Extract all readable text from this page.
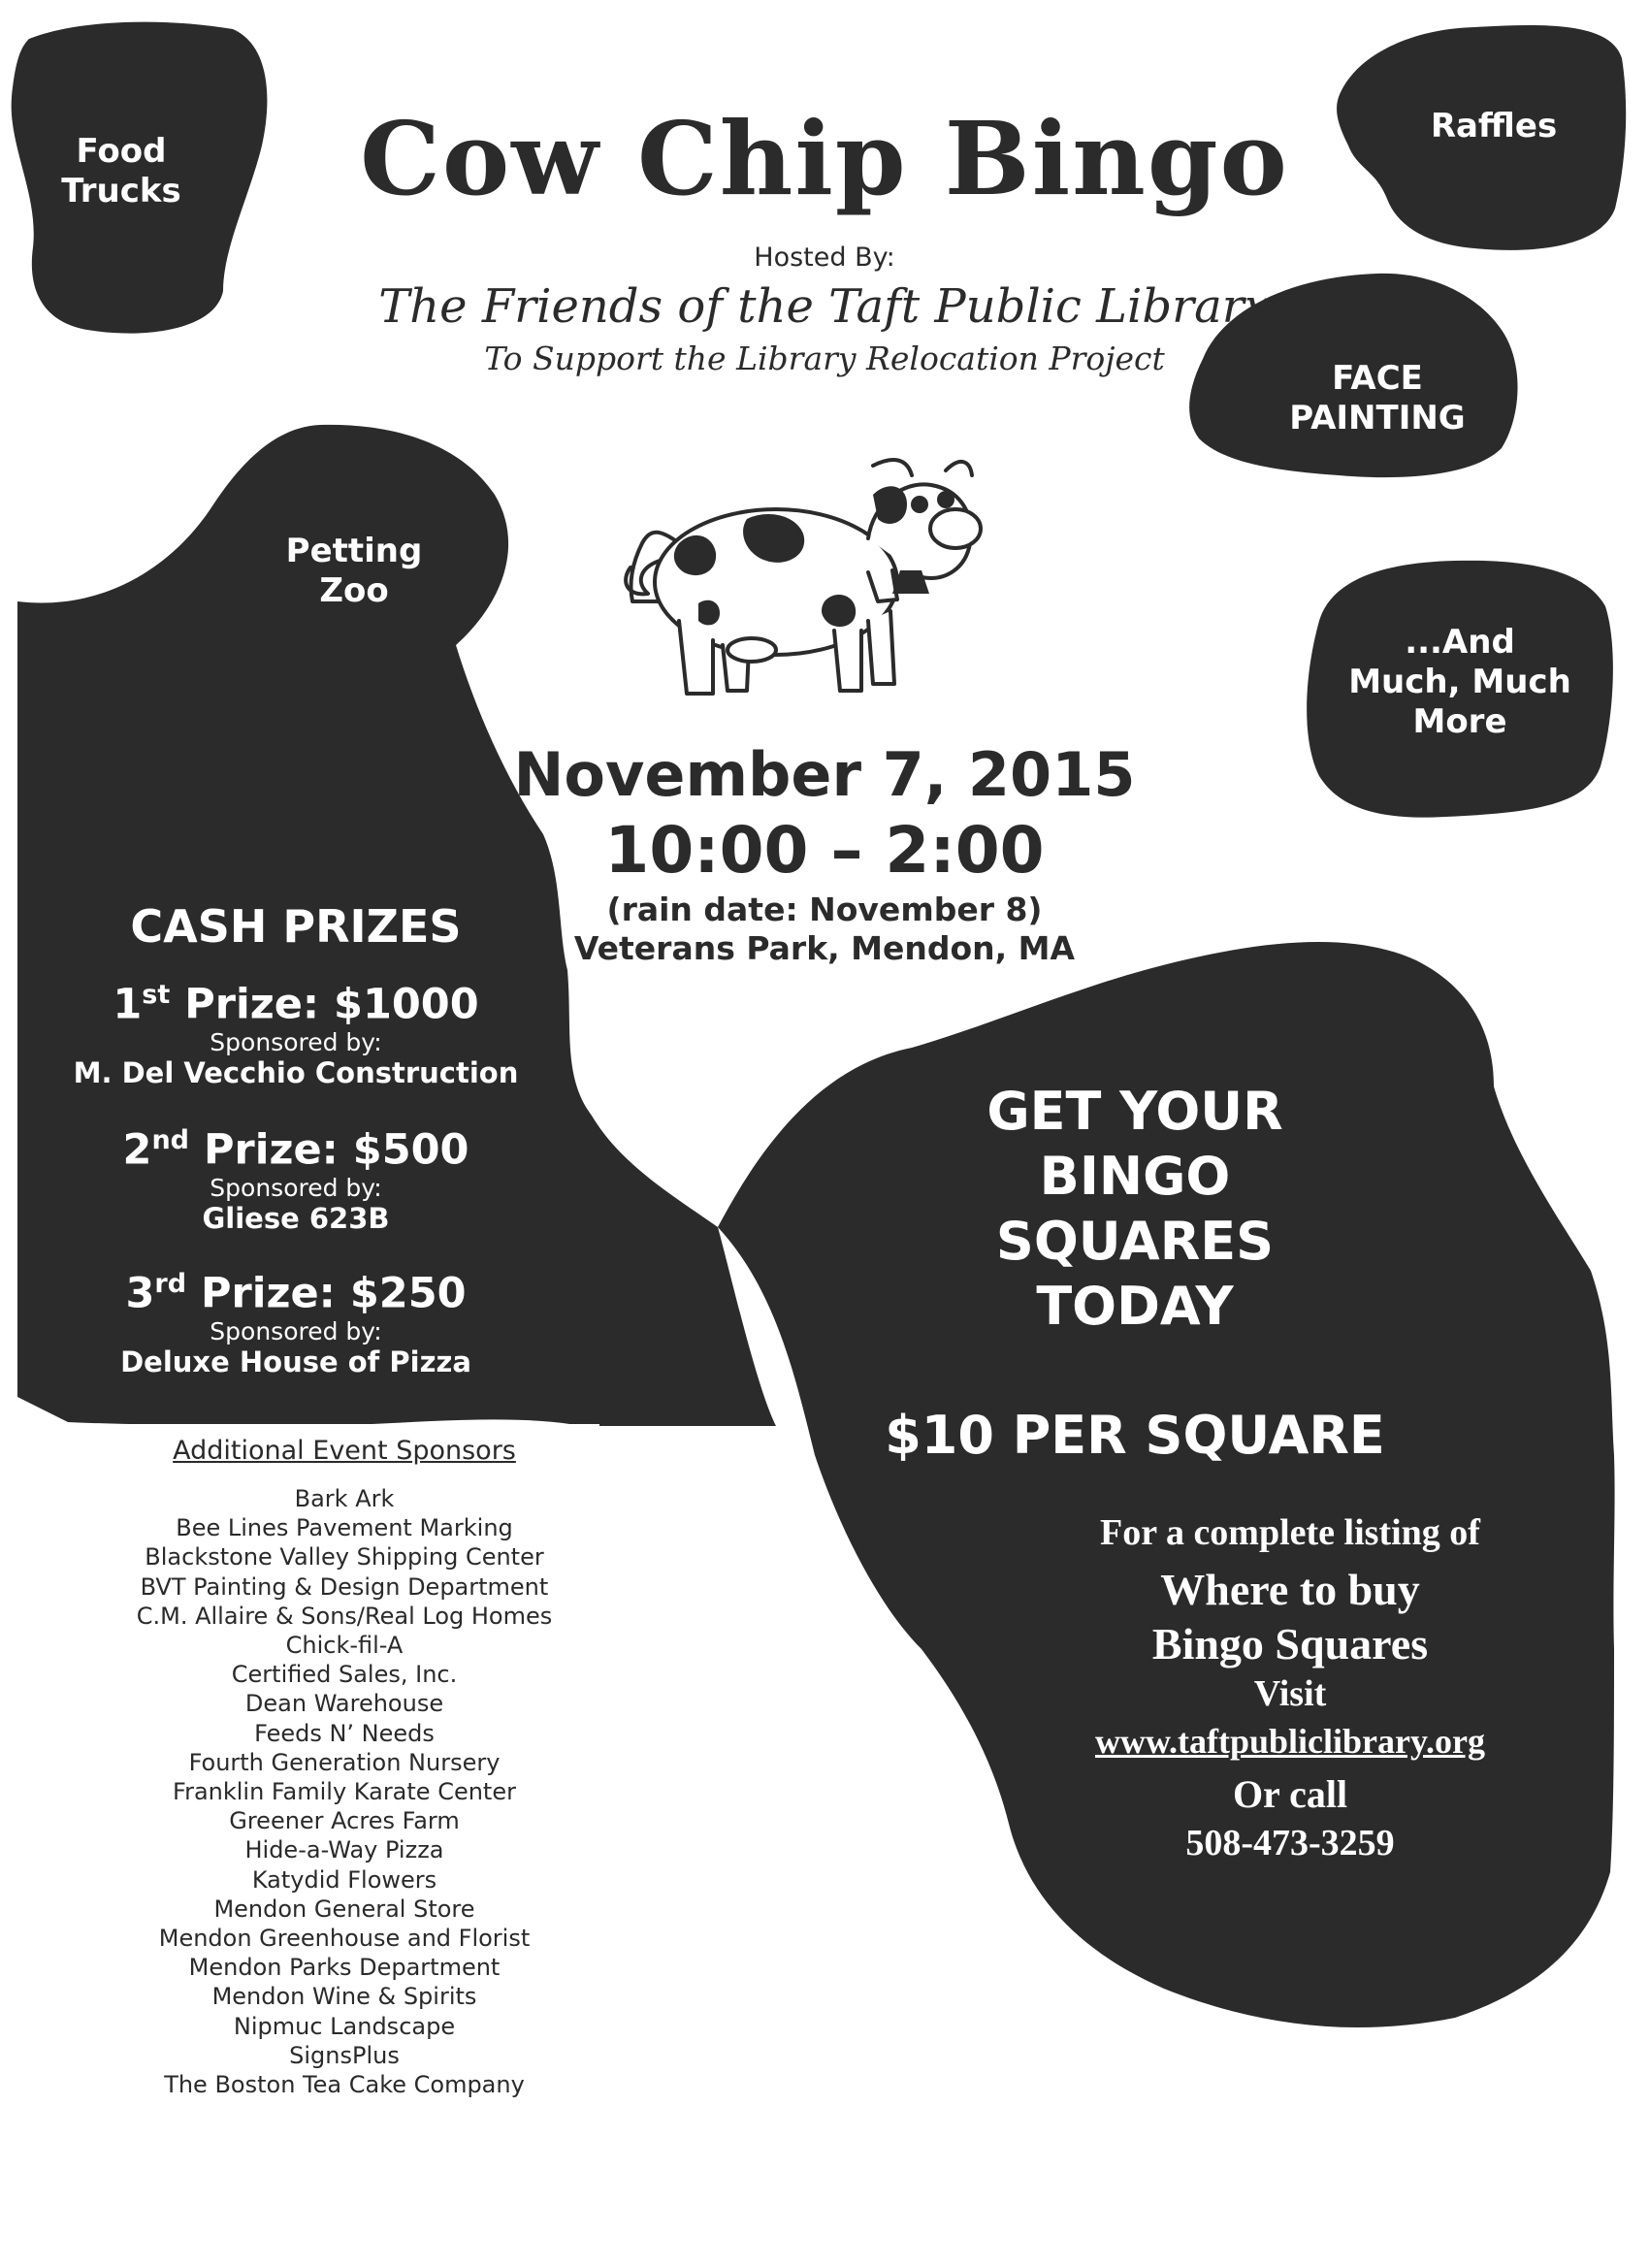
Cow Chip Bingo
Hosted By:
The Friends of the Taft Public Library
To Support the Library Relocation Project
Food
Trucks
Raffles
FACE
PAINTING
Petting
Zoo
...And
Much, Much
More
November 7, 2015
10:00 – 2:00
(rain date: November 8)
Veterans Park, Mendon, MA
CASH PRIZES
1st Prize: $1000
Sponsored by:
M. Del Vecchio Construction
2nd Prize: $500
Sponsored by:
Gliese 623B
3rd Prize: $250
Sponsored by:
Deluxe House of Pizza
Additional Event Sponsors
Bark Ark
Bee Lines Pavement Marking
Blackstone Valley Shipping Center
BVT Painting & Design Department
C.M. Allaire & Sons/Real Log Homes
Chick-fil-A
Certified Sales, Inc.
Dean Warehouse
Feeds N’ Needs
Fourth Generation Nursery
Franklin Family Karate Center
Greener Acres Farm
Hide-a-Way Pizza
Katydid Flowers
Mendon General Store
Mendon Greenhouse and Florist
Mendon Parks Department
Mendon Wine & Spirits
Nipmuc Landscape
SignsPlus
The Boston Tea Cake Company
GET YOUR
BINGO
SQUARES
TODAY
$10 PER SQUARE
For a complete listing of
Where to buy
Bingo Squares
Visit
www.taftpubliclibrary.org
Or call
508-473-3259
